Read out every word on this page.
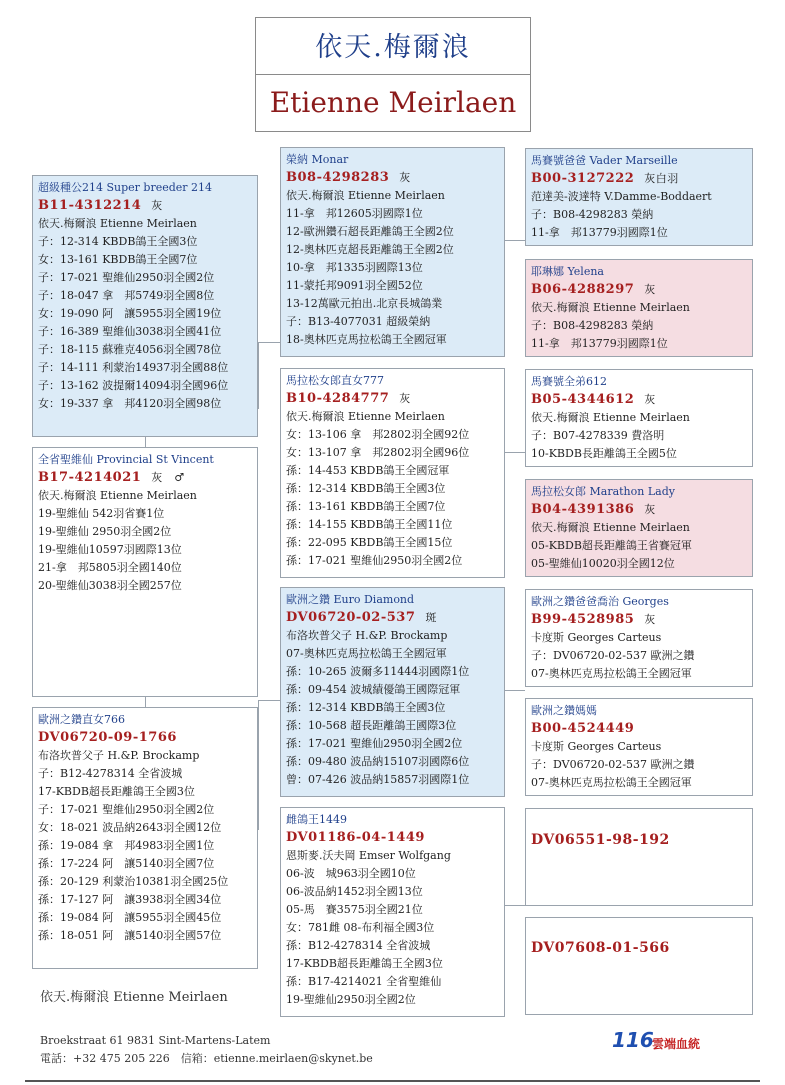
依天.梅爾浪
Etienne Meirlaen
超級種公214 Super breeder 214
B11-4312214 灰
依天.梅爾浪 Etienne Meirlaen
子：12-314 KBDB鴿王全國3位
女：13-161 KBDB鴿王全國7位
子：17-021 聖維仙2950羽全國2位
子：18-047 拿　邦5749羽全國8位
女：19-090 阿　讓5955羽全國19位
子：16-389 聖維仙3038羽全國41位
子：18-115 蘇雅克4056羽全國78位
子：14-111 利蒙治14937羽全國88位
子：13-162 波提爾14094羽全國96位
女：19-337 拿　邦4120羽全國98位
全省聖維仙 Provincial St Vincent
B17-4214021 灰　♂
依天.梅爾浪 Etienne Meirlaen
19-聖維仙 542羽省賽1位
19-聖維仙 2950羽全國2位
19-聖維仙10597羽國際13位
21-拿　邦5805羽全國140位
20-聖維仙3038羽全國257位
歐洲之鑽直女766
DV06720-09-1766
布洛坎普父子 H.&P. Brockamp
子：B12-4278314 全省波城
17-KBDB超長距離鴿王全國3位
子：17-021 聖維仙2950羽全國2位
女：18-021 波品納2643羽全國12位
孫：19-084 拿　邦4983羽全國1位
孫：17-224 阿　讓5140羽全國7位
孫：20-129 利蒙治10381羽全國25位
孫：17-127 阿　讓3938羽全國34位
孫：19-084 阿　讓5955羽全國45位
孫：18-051 阿　讓5140羽全國57位
榮納 Monar
B08-4298283 灰
依天.梅爾浪 Etienne Meirlaen
11-拿　邦12605羽國際1位
12-歐洲鑽石超長距離鴿王全國2位
12-奧林匹克超長距離鴿王全國2位
10-拿　邦1335羽國際13位
11-蒙托邦9091羽全國52位
13-12萬歐元拍出.北京長城鴿業
子：B13-4077031 超級榮納
18-奧林匹克馬拉松鴿王全國冠軍
馬拉松女郎直女777
B10-4284777 灰
依天.梅爾浪 Etienne Meirlaen
女：13-106 拿　邦2802羽全國92位
女：13-107 拿　邦2802羽全國96位
孫：14-453 KBDB鴿王全國冠軍
孫：12-314 KBDB鴿王全國3位
孫：13-161 KBDB鴿王全國7位
孫：14-155 KBDB鴿王全國11位
孫：22-095 KBDB鴿王全國15位
孫：17-021 聖維仙2950羽全國2位
歐洲之鑽 Euro Diamond
DV06720-02-537 斑
布洛坎普父子 H.&P. Brockamp
07-奧林匹克馬拉松鴿王全國冠軍
孫：10-265 波爾多11444羽國際1位
孫：09-454 波城績優鴿王國際冠軍
孫：12-314 KBDB鴿王全國3位
孫：10-568 超長距離鴿王國際3位
孫：17-021 聖維仙2950羽全國2位
孫：09-480 波品納15107羽國際6位
曾：07-426 波品納15857羽國際1位
雌鴿王1449
DV01186-04-1449
恩斯麥.沃夫岡 Emser Wolfgang
06-波　城963羽全國10位
06-波品納1452羽全國13位
05-馬　賽3575羽全國21位
女：781雌 08-布利福全國3位
孫：B12-4278314 全省波城
17-KBDB超長距離鴿王全國3位
孫：B17-4214021 全省聖維仙
19-聖維仙2950羽全國2位
馬賽號爸爸 Vader Marseille
B00-3127222 灰白羽
范達美-波達特 V.Damme-Boddaert
子：B08-4298283 榮納
11-拿　邦13779羽國際1位
耶琳娜 Yelena
B06-4288297 灰
依天.梅爾浪 Etienne Meirlaen
子：B08-4298283 榮納
11-拿　邦13779羽國際1位
馬賽號全弟612
B05-4344612 灰
依天.梅爾浪 Etienne Meirlaen
子：B07-4278339 費洛明
10-KBDB長距離鴿王全國5位
馬拉松女郎 Marathon Lady
B04-4391386 灰
依天.梅爾浪 Etienne Meirlaen
05-KBDB超長距離鴿王省賽冠軍
05-聖維仙10020羽全國12位
歐洲之鑽爸爸喬治 Georges
B99-4528985 灰
卡度斯 Georges Carteus
子：DV06720-02-537 歐洲之鑽
07-奧林匹克馬拉松鴿王全國冠軍
歐洲之鑽媽媽
B00-4524449
卡度斯 Georges Carteus
子：DV06720-02-537 歐洲之鑽
07-奧林匹克馬拉松鴿王全國冠軍
DV06551-98-192
DV07608-01-566
依天.梅爾浪 Etienne Meirlaen
Broekstraat 61 9831 Sint-Martens-Latem
電話：+32 475 205 226　信箱：etienne.meirlaen@skynet.be
116
雲端血統
